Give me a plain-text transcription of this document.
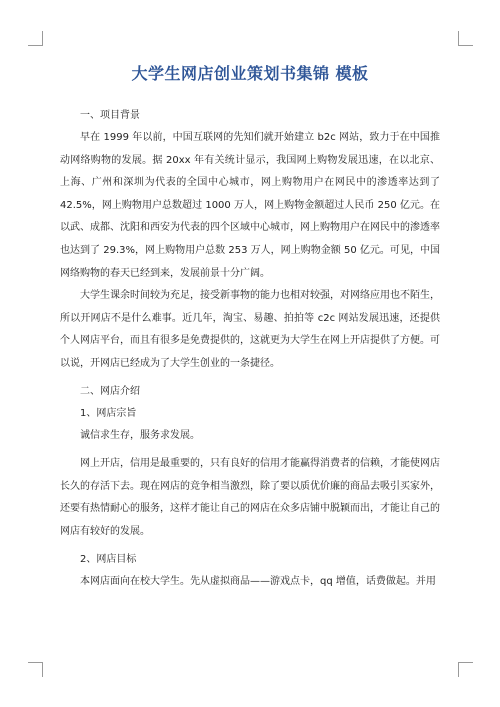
大学生网店创业策划书集锦 模板

一、项目背景

早在 1999 年以前，中国互联网的先知们就开始建立 b2c 网站，致力于在中国推动网络购物的发展。据 20xx 年有关统计显示，我国网上购物发展迅速，在以北京、上海、广州和深圳为代表的全国中心城市，网上购物用户在网民中的渗透率达到了 42.5%，网上购物用户总数超过 1000 万人，网上购物金额超过人民币 250 亿元。在以武、成都、沈阳和西安为代表的四个区域中心城市，网上购物用户在网民中的渗透率也达到了 29.3%，网上购物用户总数 253 万人，网上购物金额 50 亿元。可见，中国网络购物的春天已经到来，发展前景十分广阔。

大学生课余时间较为充足，接受新事物的能力也相对较强，对网络应用也不陌生，所以开网店不是什么难事。近几年，淘宝、易趣、拍拍等 c2c 网站发展迅速，还提供个人网店平台，而且有很多是免费提供的，这就更为大学生在网上开店提供了方便。可以说，开网店已经成为了大学生创业的一条捷径。

二、网店介绍

1、网店宗旨

诚信求生存，服务求发展。

网上开店，信用是最重要的，只有良好的信用才能赢得消费者的信赖，才能使网店长久的存活下去。现在网店的竞争相当激烈，除了要以质优价廉的商品去吸引买家外，还要有热情耐心的服务，这样才能让自己的网店在众多店铺中脱颖而出，才能让自己的网店有较好的发展。

2、网店目标

本网店面向在校大学生。先从虚拟商品——游戏点卡，qq 增值，话费做起。并用
